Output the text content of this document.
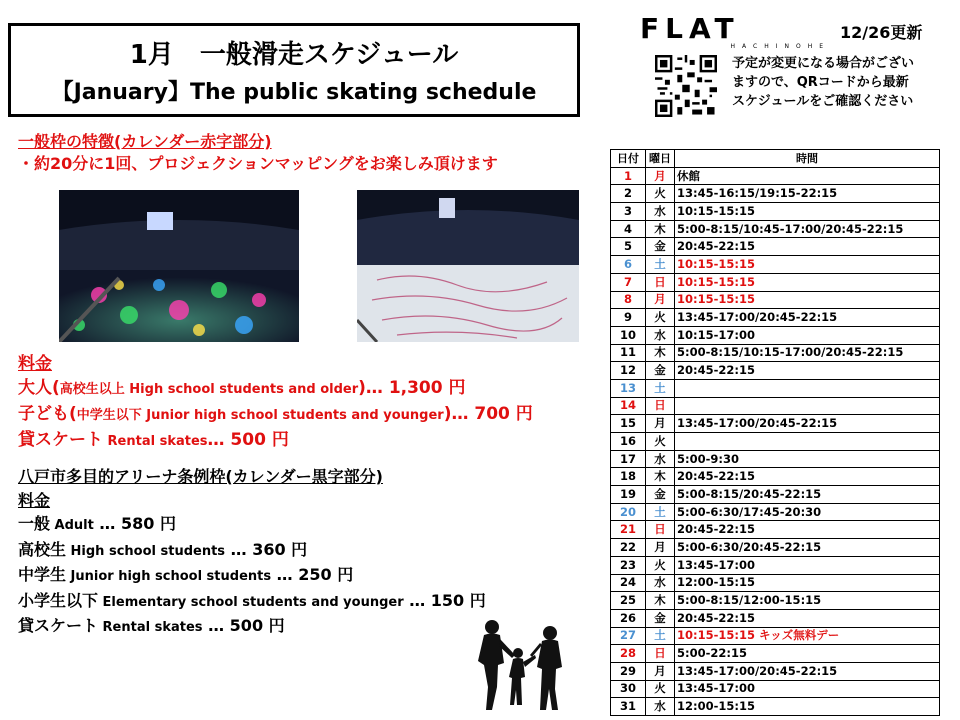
1月　一般滑走スケジュール
【January】The public skating schedule
FLAT
HACHINOHE
12/26更新
予定が変更になる場合がござい
ますので、QRコードから最新
スケジュールをご確認ください
一般枠の特徴(カレンダー赤字部分)
・約20分に1回、プロジェクションマッピングをお楽しみ頂けます
料金
大人(高校生以上 High school students and older)… 1,300 円
子ども(中学生以下 Junior high school students and younger)… 700 円
貸スケート Rental skates… 500 円
八戸市多目的アリーナ条例枠(カレンダー黒字部分)
料金
一般 Adult … 580 円
高校生 High school students … 360 円
中学生 Junior high school students … 250 円
小学生以下 Elementary school students and younger … 150 円
貸スケート Rental skates … 500 円
日付	曜日	時間
1	月	休館
2	火	13:45-16:15/19:15-22:15
3	水	10:15-15:15
4	木	5:00-8:15/10:45-17:00/20:45-22:15
5	金	20:45-22:15
6	土	10:15-15:15
7	日	10:15-15:15
8	月	10:15-15:15
9	火	13:45-17:00/20:45-22:15
10	水	10:15-17:00
11	木	5:00-8:15/10:15-17:00/20:45-22:15
12	金	20:45-22:15
13	土	
14	日	
15	月	13:45-17:00/20:45-22:15
16	火	
17	水	5:00-9:30
18	木	20:45-22:15
19	金	5:00-8:15/20:45-22:15
20	土	5:00-6:30/17:45-20:30
21	日	20:45-22:15
22	月	5:00-6:30/20:45-22:15
23	火	13:45-17:00
24	水	12:00-15:15
25	木	5:00-8:15/12:00-15:15
26	金	20:45-22:15
27	土	10:15-15:15 キッズ無料デー
28	日	5:00-22:15
29	月	13:45-17:00/20:45-22:15
30	火	13:45-17:00
31	水	12:00-15:15
